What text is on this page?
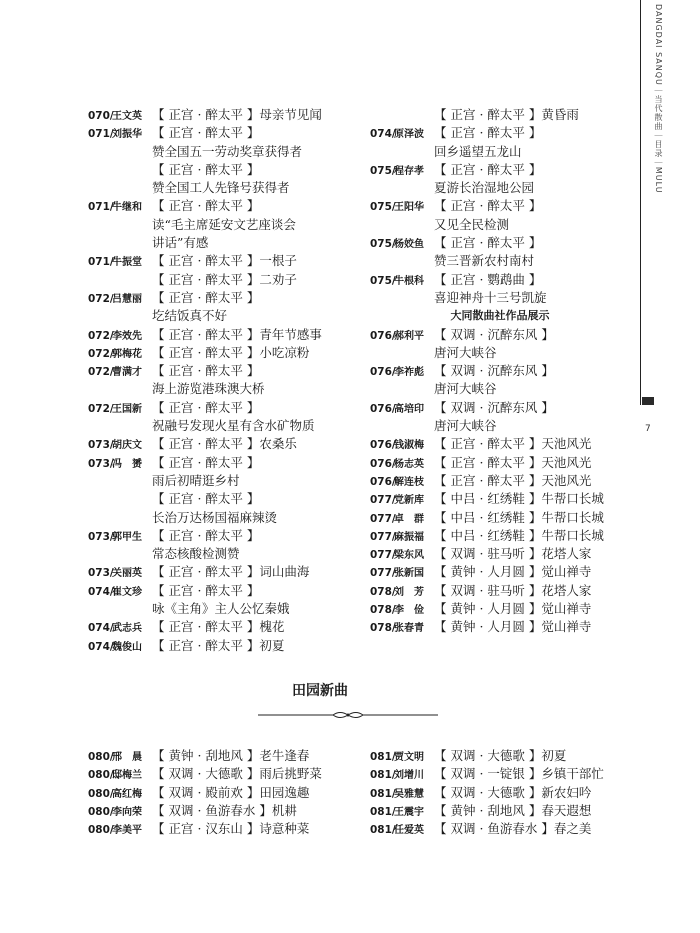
DANGDAI SANQU｜当代散曲｜目录｜MULU
7
070/王文英 【 正宫 · 醉太平 】母亲节见闻
071/刘振华 【 正宫 · 醉太平 】
赞全国五一劳动奖章获得者
【 正宫 · 醉太平 】
赞全国工人先锋号获得者
071/牛继和 【 正宫 · 醉太平 】
读“毛主席延安文艺座谈会
讲话”有感
071/牛振堂 【 正宫 · 醉太平 】一根子
【 正宫 · 醉太平 】二劝子
072/吕慧丽 【 正宫 · 醉太平 】
圪结饭真不好
072/李效先 【 正宫 · 醉太平 】青年节感事
072/郭梅花 【 正宫 · 醉太平 】小吃凉粉
072/曹满才 【 正宫 · 醉太平 】
海上游览港珠澳大桥
072/王国新 【 正宫 · 醉太平 】
祝融号发现火星有含水矿物质
073/胡庆文 【 正宫 · 醉太平 】农桑乐
073/冯　赟 【 正宫 · 醉太平 】
雨后初晴逛乡村
【 正宫 · 醉太平 】
长治万达杨国福麻辣烫
073/郭甲生 【 正宫 · 醉太平 】
常态核酸检测赞
073/关丽英 【 正宫 · 醉太平 】词山曲海
074/崔文珍 【 正宫 · 醉太平 】
咏《主角》主人公忆秦娥
074/武志兵 【 正宫 · 醉太平 】槐花
074/魏俊山 【 正宫 · 醉太平 】初夏
【 正宫 · 醉太平 】黄昏雨
074/原泽波 【 正宫 · 醉太平 】
回乡遥望五龙山
075/程存孝 【 正宫 · 醉太平 】
夏游长治湿地公园
075/王阳华 【 正宫 · 醉太平 】
又见全民检测
075/杨姣鱼 【 正宫 · 醉太平 】
赞三晋新农村南村
075/牛根科 【 正宫 · 鹦鹉曲 】
喜迎神舟十三号凯旋
大同散曲社作品展示
076/郝利平 【 双调 · 沉醉东风 】
唐河大峡谷
076/李祚彪 【 双调 · 沉醉东风 】
唐河大峡谷
076/高培印 【 双调 · 沉醉东风 】
唐河大峡谷
076/钱淑梅 【 正宫 · 醉太平 】天池风光
076/杨志英 【 正宫 · 醉太平 】天池风光
076/解连枝 【 正宫 · 醉太平 】天池风光
077/党新库 【 中吕 · 红绣鞋 】牛帮口长城
077/卓　群 【 中吕 · 红绣鞋 】牛帮口长城
077/麻振福 【 中吕 · 红绣鞋 】牛帮口长城
077/梁东风 【 双调 · 驻马听 】花塔人家
077/张新国 【 黄钟 · 人月圆 】觉山禅寺
078/刘　芳 【 双调 · 驻马听 】花塔人家
078/李　俭 【 黄钟 · 人月圆 】觉山禅寺
078/张春青 【 黄钟 · 人月圆 】觉山禅寺
田园新曲
080/邢　晨 【 黄钟 · 刮地风 】老牛逢春
080/邸梅兰 【 双调 · 大德歌 】雨后挑野菜
080/高红梅 【 双调 · 殿前欢 】田园逸趣
080/李向荣 【 双调 · 鱼游春水 】机耕
080/李美平 【 正宫 · 汉东山 】诗意种菜
081/贾文明 【 双调 · 大德歌 】初夏
081/刘增川 【 双调 · 一锭银 】乡镇干部忙
081/吴雅慧 【 双调 · 大德歌 】新农妇吟
081/王震宇 【 黄钟 · 刮地风 】春天遐想
081/任爱英 【 双调 · 鱼游春水 】春之美
